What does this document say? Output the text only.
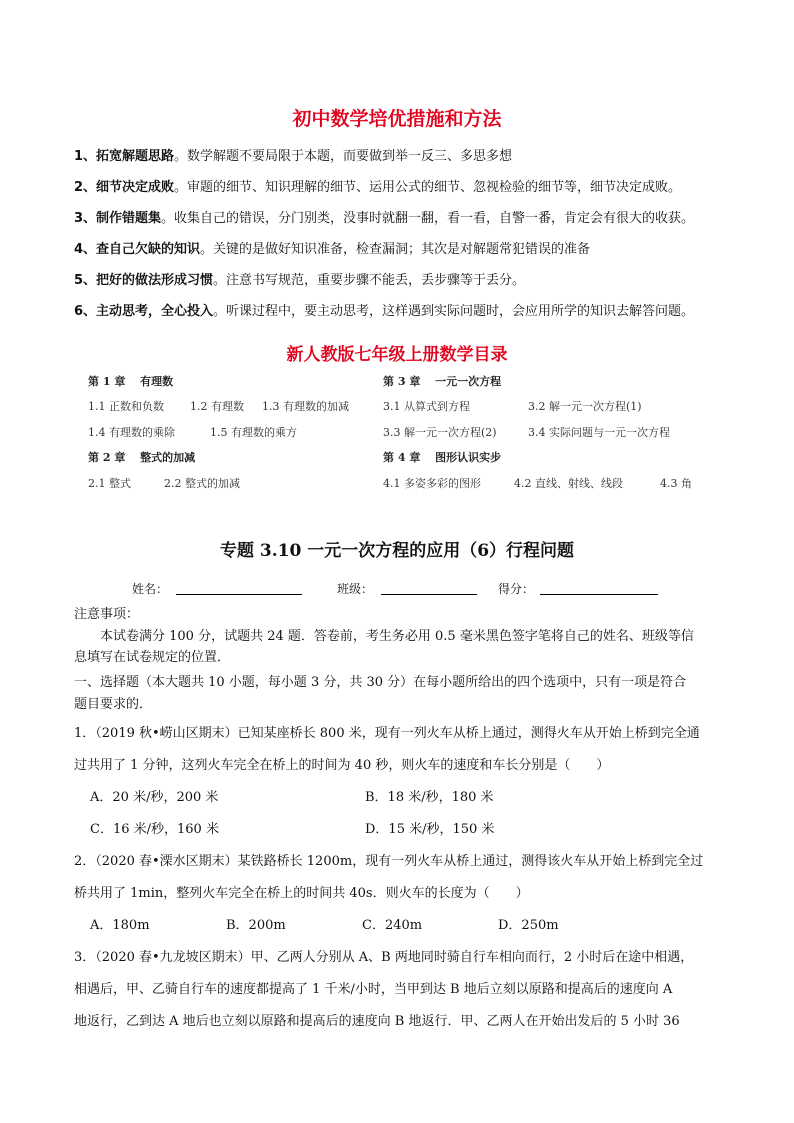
初中数学培优措施和方法
1、拓宽解题思路。数学解题不要局限于本题，而要做到举一反三、多思多想
2、细节决定成败。审题的细节、知识理解的细节、运用公式的细节、忽视检验的细节等，细节决定成败。
3、制作错题集。收集自己的错误，分门别类，没事时就翻一翻，看一看，自警一番，肯定会有很大的收获。
4、查自己欠缺的知识。关键的是做好知识准备，检查漏洞；其次是对解题常犯错误的准备
5、把好的做法形成习惯。注意书写规范，重要步骤不能丢，丢步骤等于丢分。
6、主动思考，全心投入。听课过程中，要主动思考，这样遇到实际问题时，会应用所学的知识去解答问题。
新人教版七年级上册数学目录
第 1 章　 有理数
1.1 正数和负数 1.2 有理数 1.3 有理数的加减
1.4 有理数的乘除	1.5 有理数的乘方
第 2 章　 整式的加减
2.1 整式	2.2 整式的加减
第 3 章　 一元一次方程
3.1 从算式到方程	3.2 解一元一次方程(1)
3.3 解一元一次方程(2)	3.4 实际问题与一元一次方程
第 4 章　 图形认识实步
4.1 多姿多彩的图形	4.2 直线、射线、线段	4.3 角
专题 3.10 一元一次方程的应用（6）行程问题
姓名：	班级：	得分：
注意事项：
本试卷满分 100 分，试题共 24 题．答卷前，考生务必用 0.5 毫米黑色签字笔将自己的姓名、班级等信
息填写在试卷规定的位置．
一、选择题（本大题共 10 小题，每小题 3 分，共 30 分）在每小题所给出的四个选项中，只有一项是符合
题目要求的．
1．（2019 秋•崂山区期末）已知某座桥长 800 米，现有一列火车从桥上通过，测得火车从开始上桥到完全通
过共用了 1 分钟，这列火车完全在桥上的时间为 40 秒，则火车的速度和车长分别是（　　）
A．20 米/秒，200 米	B．18 米/秒，180 米
C．16 米/秒，160 米	D．15 米/秒，150 米
2．（2020 春•溧水区期末）某铁路桥长 1200m，现有一列火车从桥上通过，测得该火车从开始上桥到完全过
桥共用了 1min，整列火车完全在桥上的时间共 40s．则火车的长度为（　　）
A．180m	B．200m	C．240m	D．250m
3．（2020 春•九龙坡区期末）甲、乙两人分别从 A、B 两地同时骑自行车相向而行，2 小时后在途中相遇，
相遇后，甲、乙骑自行车的速度都提高了 1 千米/小时，当甲到达 B 地后立刻以原路和提高后的速度向 A
地返行，乙到达 A 地后也立刻以原路和提高后的速度向 B 地返行．甲、乙两人在开始出发后的 5 小时 36
